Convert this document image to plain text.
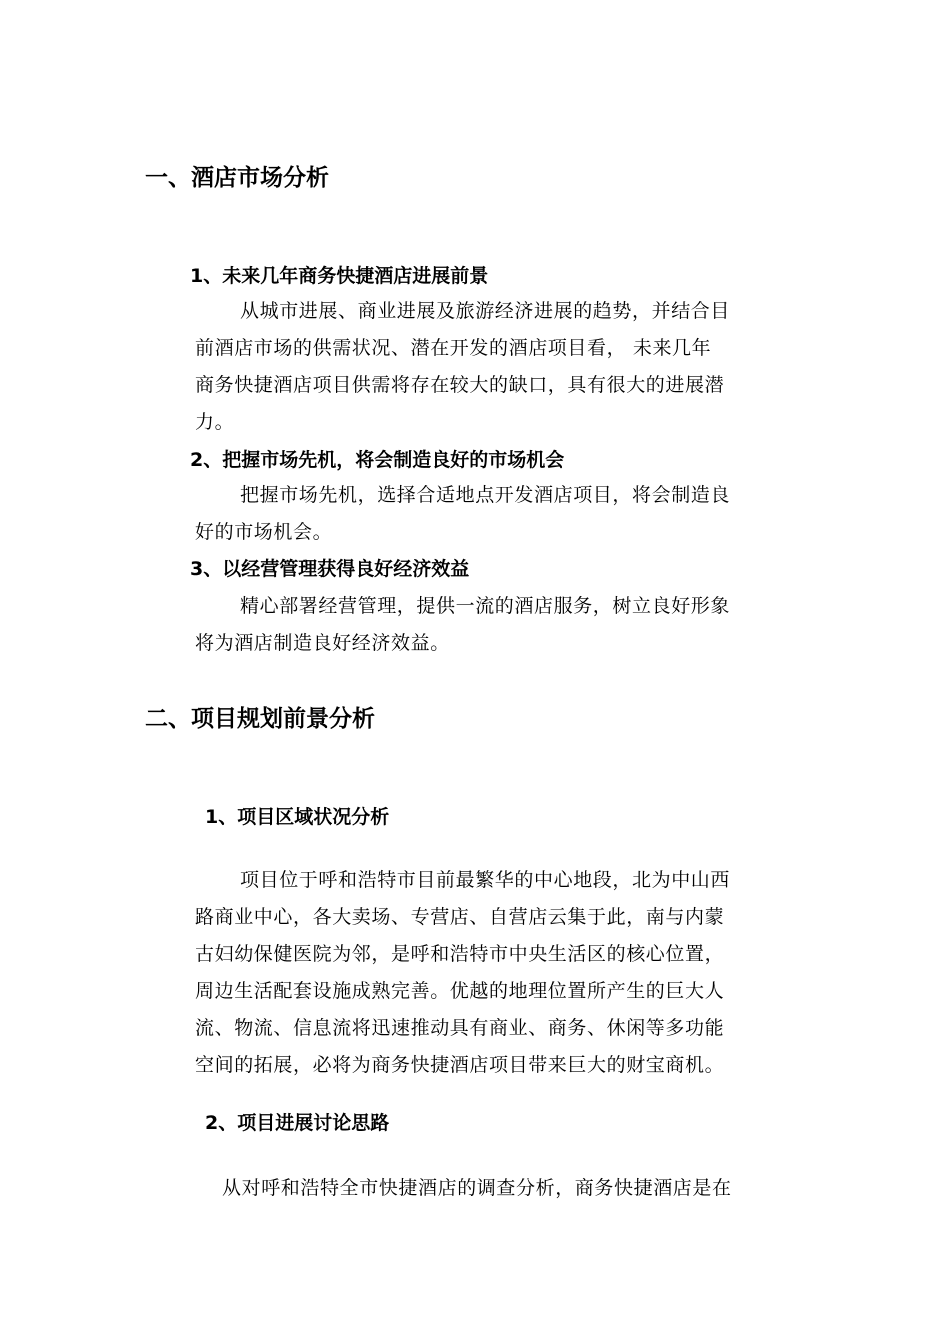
一、酒店市场分析
1、未来几年商务快捷酒店进展前景
从城市进展、商业进展及旅游经济进展的趋势，并结合目
前酒店市场的供需状况、潜在开发的酒店项目看， 未来几年
商务快捷酒店项目供需将存在较大的缺口，具有很大的进展潜
力。
2、把握市场先机，将会制造良好的市场机会
把握市场先机，选择合适地点开发酒店项目，将会制造良
好的市场机会。
3、以经营管理获得良好经济效益
精心部署经营管理，提供一流的酒店服务，树立良好形象
将为酒店制造良好经济效益。
二、项目规划前景分析
1、项目区域状况分析
项目位于呼和浩特市目前最繁华的中心地段，北为中山西
路商业中心，各大卖场、专营店、自营店云集于此，南与内蒙
古妇幼保健医院为邻，是呼和浩特市中央生活区的核心位置，
周边生活配套设施成熟完善。优越的地理位置所产生的巨大人
流、物流、信息流将迅速推动具有商业、商务、休闲等多功能
空间的拓展，必将为商务快捷酒店项目带来巨大的财宝商机。
2、项目进展讨论思路
从对呼和浩特全市快捷酒店的调查分析，商务快捷酒店是在
